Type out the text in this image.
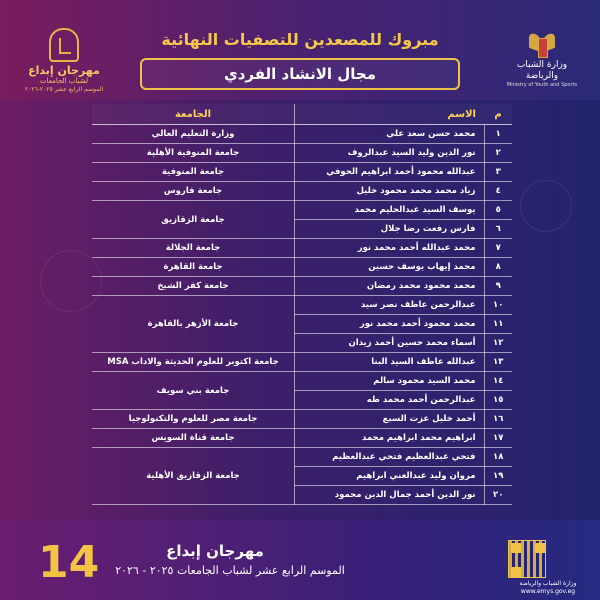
مهرجان إبداع
لشباب الجامعات
الموسم الرابع عشر ٢٠٢٥-٢٠٢٦
وزارة الشباب والرياضة
Ministry of Youth and Sports
مبروك للمصعدين للتصفيات النهائية
مجال الانشاد الفردي
م	الاسم	الجامعة
١	محمد حسن سعد علي	وزارة التعليم العالي
٢	نور الدين وليد السيد عبدالروف	جامعة المنوفية الأهلية
٣	عبدالله محمود أحمد ابراهيم الحوفي	جامعة المنوفية
٤	زياد محمد محمد محمود خليل	جامعة فاروس
٥	يوسف السيد عبدالحليم محمد	جامعة الزقازيق
٦	فارس رفعت رضا جلال	
٧	محمد عبدالله أحمد محمد نور	جامعة الجلالة
٨	محمد إيهاب يوسف حسين	جامعة القاهرة
٩	محمد محمود محمد رمضان	جامعة كفر الشيخ
١٠	عبدالرحمن عاطف نصر سيد	جامعة الأزهر بالقاهرة
١١	محمد محمود أحمد محمد نور	
١٢	أسماء محمد حسين أحمد زيدان	
١٣	عبدالله عاطف السيد البنا	جامعة اكتوبر للعلوم الحديثة والاداب MSA
١٤	محمد السيد محمود سالم	جامعة بني سويف
١٥	عبدالرحمن أحمد محمد طه	
١٦	أحمد خليل عزت السبع	جامعة مصر للعلوم والتكنولوجيا
١٧	ابراهيم محمد ابراهيم محمد	جامعة قناة السويس
١٨	فتحي عبدالعظيم فتحي عبدالعظيم	جامعة الزقازيق الأهلية
١٩	مروان وليد عبدالغني ابراهيم	
٢٠	نور الدين أحمد جمال الدين محمود	
14	مهرجان إبداع
الموسم الرابع عشر لشباب الجامعات ٢٠٢٥ - ٢٠٢٦
وزارة الشباب والرياضة
www.emys.gov.eg
